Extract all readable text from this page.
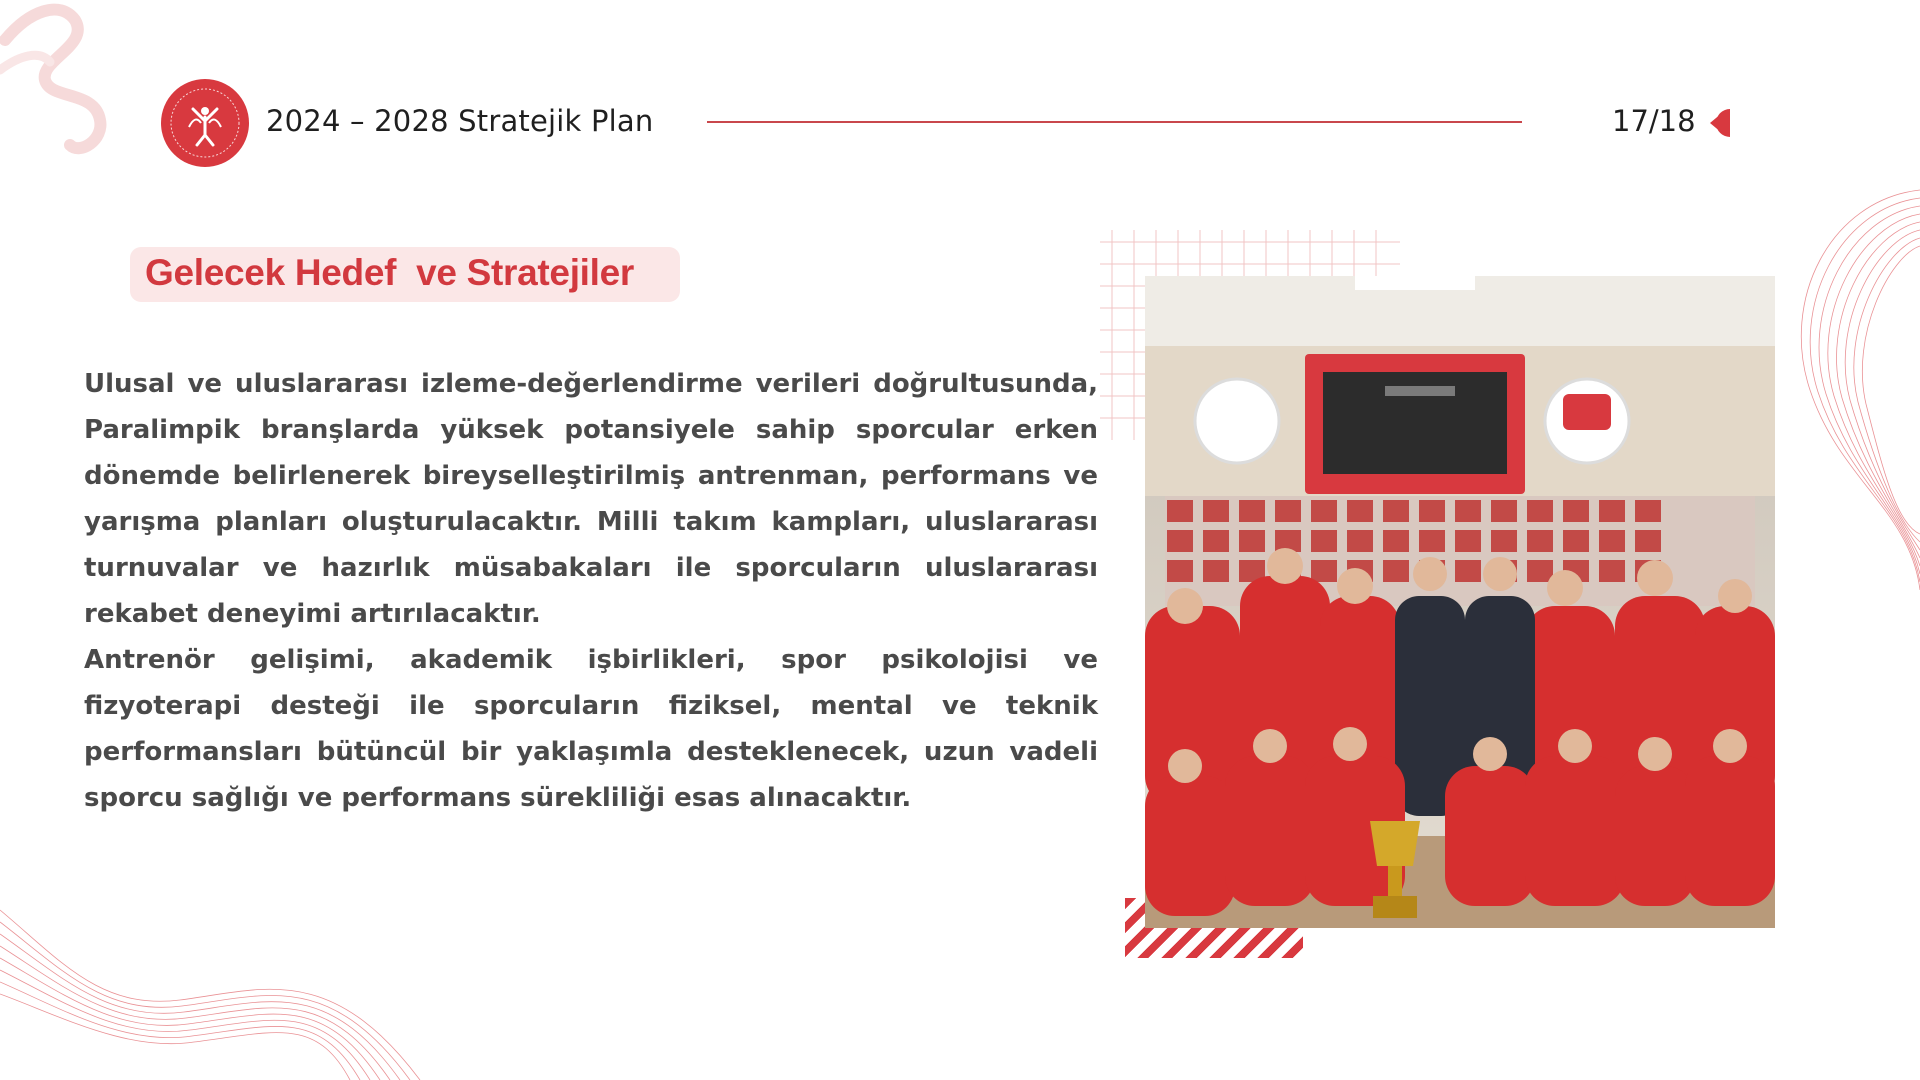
2024 – 2028 Stratejik Plan	17/18
Gelecek Hedef  ve Stratejiler

Ulusal ve uluslararası izleme-değerlendirme verileri doğrultusunda, Paralimpik branşlarda yüksek potansiyele sahip sporcular erken dönemde belirlenerek bireyselleştirilmiş antrenman, performans ve yarışma planları oluşturulacaktır. Milli takım kampları, uluslararası turnuvalar ve hazırlık müsabakaları ile sporcuların uluslararası rekabet deneyimi artırılacaktır.

Antrenör gelişimi, akademik işbirlikleri, spor psikolojisi ve fizyoterapi desteği ile sporcuların fiziksel, mental ve teknik performansları bütüncül bir yaklaşımla desteklenecek, uzun vadeli sporcu sağlığı ve performans sürekliliği esas alınacaktır.
